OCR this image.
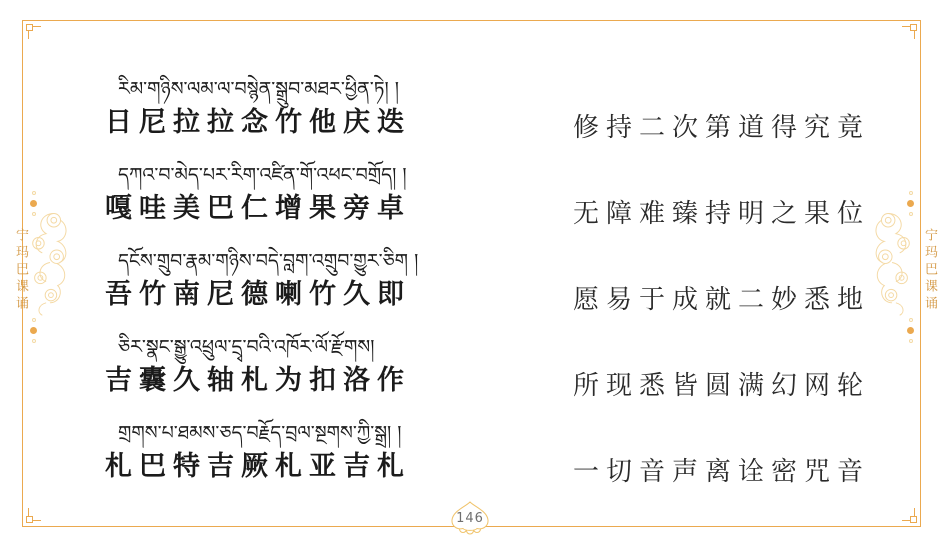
宁玛巴课诵	宁玛巴课诵
རིམ་གཉིས་ལམ་ལ་བསྙེན་སྒྲུབ་མཐར་ཕྱིན་ཏེ། །
日尼拉拉念竹他庆迭	修持二次第道得究竟
དཀའ་བ་མེད་པར་རིག་འཛིན་གོ་འཕང་བགྲོད། །
嘎哇美巴仁增果旁卓	无障难臻持明之果位
དངོས་གྲུབ་རྣམ་གཉིས་བདེ་བླག་འགྲུབ་གྱུར་ཅིག །
吾竹南尼德喇竹久即	愿易于成就二妙悉地
ཅིར་སྣང་སྒྱུ་འཕྲུལ་དྲྭ་བའི་འཁོར་ལོ་རྫོགས།
吉囊久轴札为扣洛作	所现悉皆圆满幻网轮
གྲགས་པ་ཐམས་ཅད་བརྗོད་བྲལ་སྔགས་ཀྱི་སྒྲ། །
札巴特吉厥札亚吉札	一切音声离诠密咒音
146
